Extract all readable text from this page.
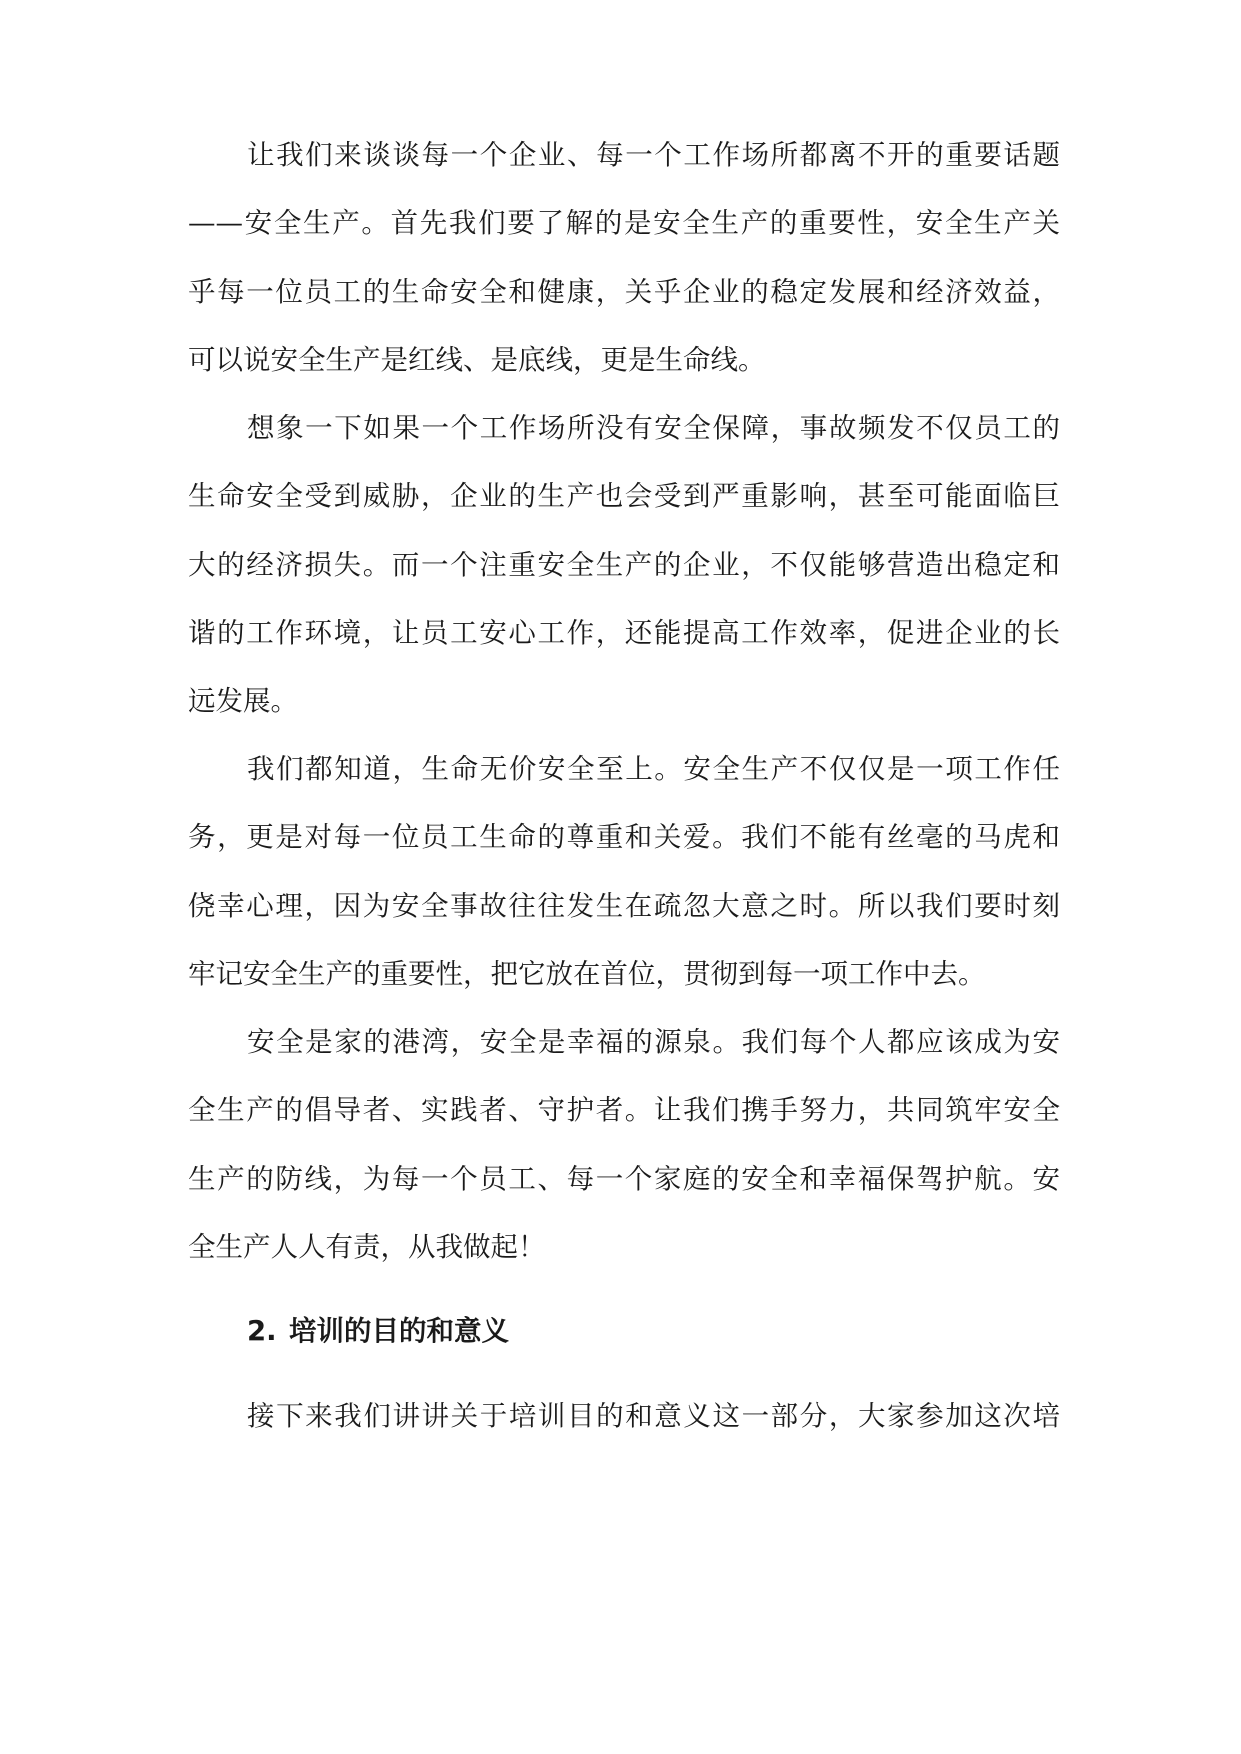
让我们来谈谈每一个企业、每一个工作场所都离不开的重要话题
——安全生产。首先我们要了解的是安全生产的重要性，安全生产关
乎每一位员工的生命安全和健康，关乎企业的稳定发展和经济效益，
可以说安全生产是红线、是底线，更是生命线。
想象一下如果一个工作场所没有安全保障，事故频发不仅员工的
生命安全受到威胁，企业的生产也会受到严重影响，甚至可能面临巨
大的经济损失。而一个注重安全生产的企业，不仅能够营造出稳定和
谐的工作环境，让员工安心工作，还能提高工作效率，促进企业的长
远发展。
我们都知道，生命无价安全至上。安全生产不仅仅是一项工作任
务，更是对每一位员工生命的尊重和关爱。我们不能有丝毫的马虎和
侥幸心理，因为安全事故往往发生在疏忽大意之时。所以我们要时刻
牢记安全生产的重要性，把它放在首位，贯彻到每一项工作中去。
安全是家的港湾，安全是幸福的源泉。我们每个人都应该成为安
全生产的倡导者、实践者、守护者。让我们携手努力，共同筑牢安全
生产的防线，为每一个员工、每一个家庭的安全和幸福保驾护航。安
全生产人人有责，从我做起！
2. 培训的目的和意义
接下来我们讲讲关于培训目的和意义这一部分，大家参加这次培
